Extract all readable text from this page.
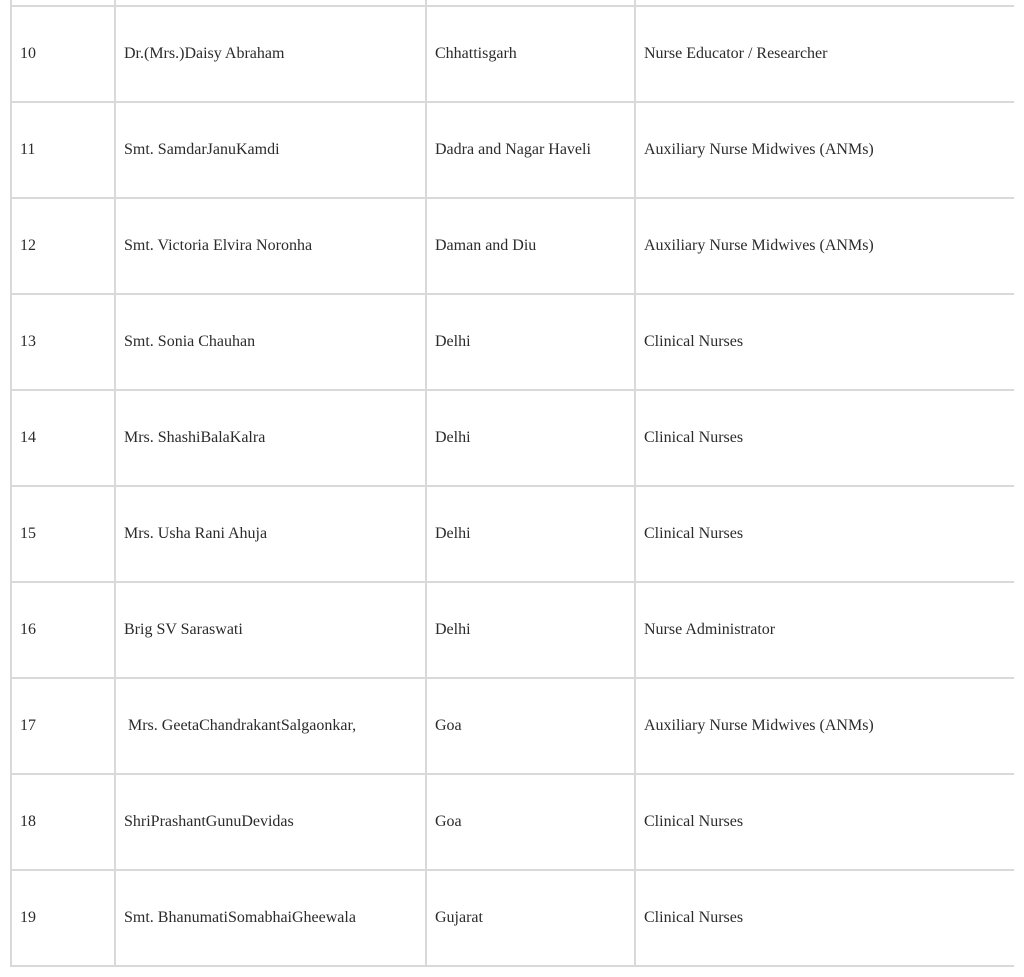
10	Dr.(Mrs.)Daisy Abraham	Chhattisgarh	Nurse Educator / Researcher
11	Smt. SamdarJanuKamdi	Dadra and Nagar Haveli	Auxiliary Nurse Midwives (ANMs)
12	Smt. Victoria Elvira Noronha	Daman and Diu	Auxiliary Nurse Midwives (ANMs)
13	Smt. Sonia Chauhan	Delhi	Clinical Nurses
14	Mrs. ShashiBalaKalra	Delhi	Clinical Nurses
15	Mrs. Usha Rani Ahuja	Delhi	Clinical Nurses
16	Brig SV Saraswati	Delhi	Nurse Administrator
17	Mrs. GeetaChandrakantSalgaonkar,	Goa	Auxiliary Nurse Midwives (ANMs)
18	ShriPrashantGunuDevidas	Goa	Clinical Nurses
19	Smt. BhanumatiSomabhaiGheewala	Gujarat	Clinical Nurses
